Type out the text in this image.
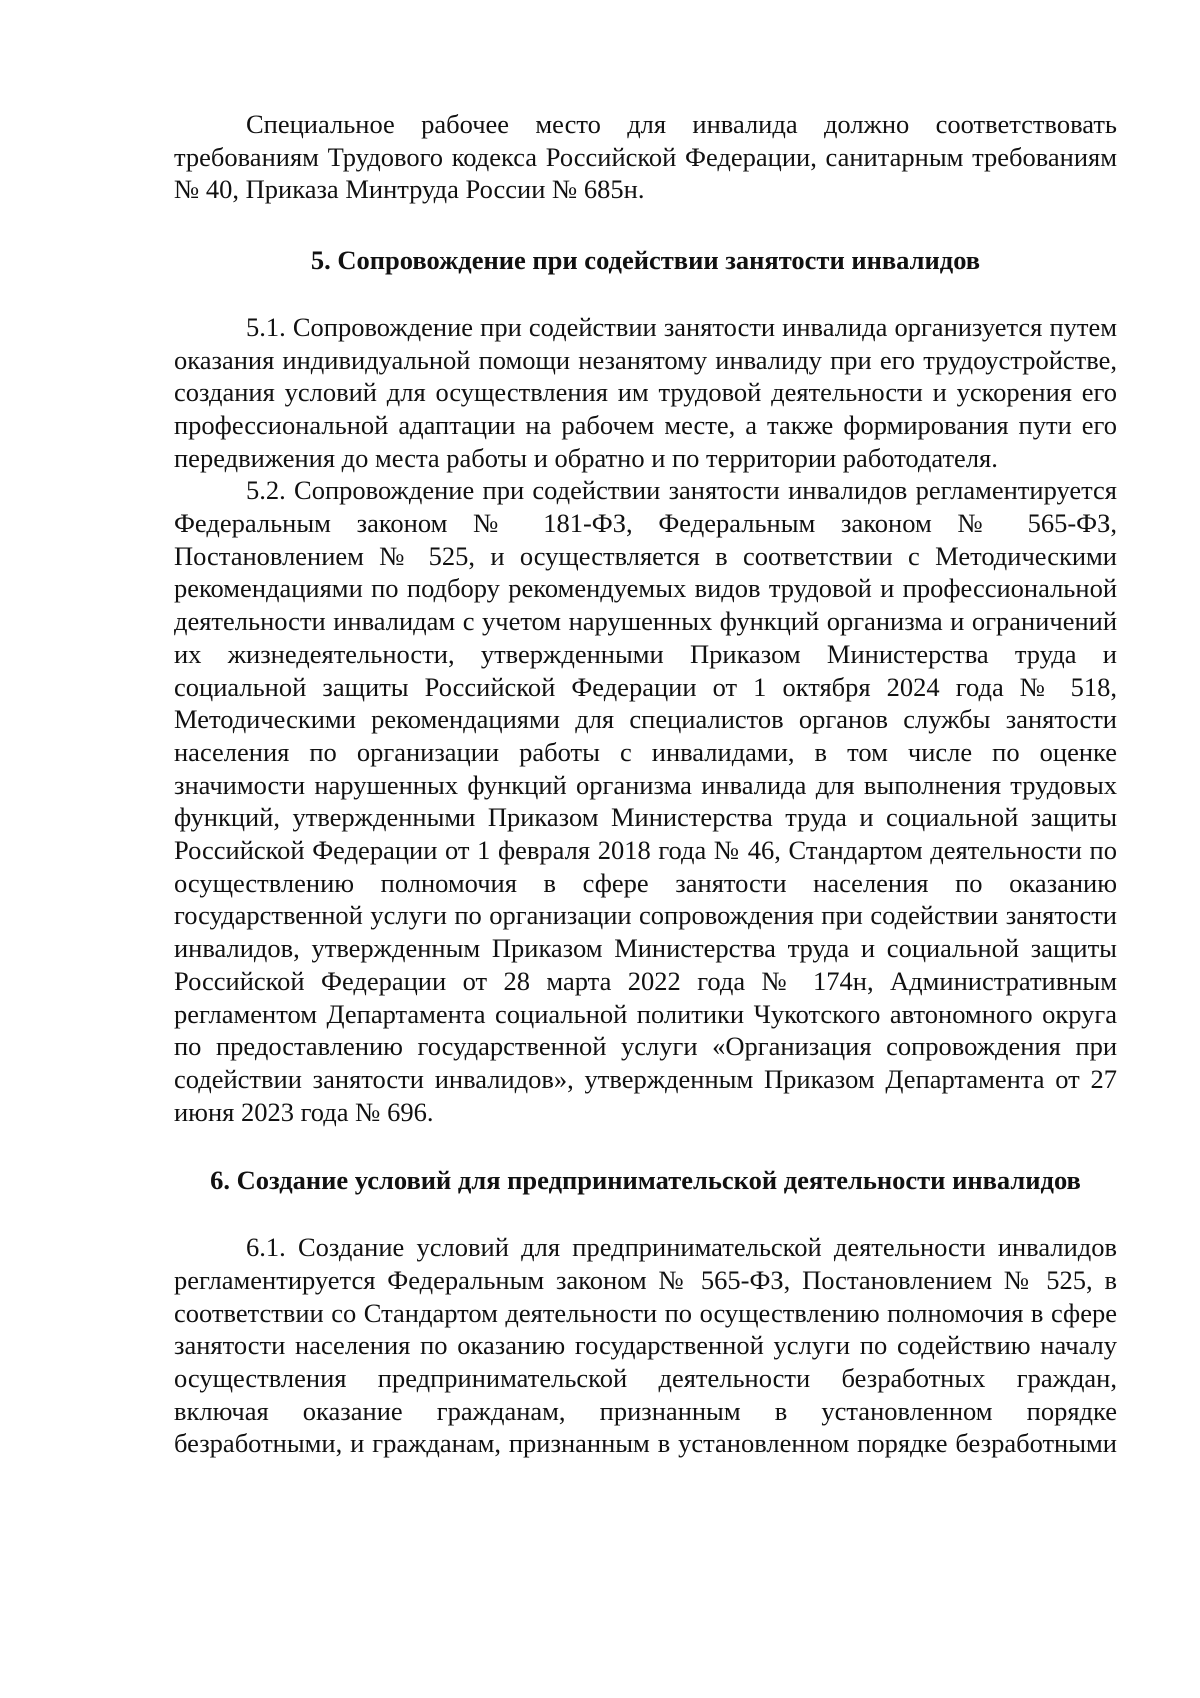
Специальное рабочее место для инвалида должно соответствовать требованиям Трудового кодекса Российской Федерации, санитарным требованиям № 40, Приказа Минтруда России № 685н.

5. Сопровождение при содействии занятости инвалидов

5.1. Сопровождение при содействии занятости инвалида организуется путем оказания индивидуальной помощи незанятому инвалиду при его трудоустройстве, создания условий для осуществления им трудовой деятельности и ускорения его профессиональной адаптации на рабочем месте, а также формирования пути его передвижения до места работы и обратно и по территории работодателя.

5.2. Сопровождение при содействии занятости инвалидов регламентируется Федеральным законом № 181-ФЗ, Федеральным законом № 565-ФЗ, Постановлением № 525, и осуществляется в соответствии с Методическими рекомендациями по подбору рекомендуемых видов трудовой и профессиональной деятельности инвалидам с учетом нарушенных функций организма и ограничений их жизнедеятельности, утвержденными Приказом Министерства труда и социальной защиты Российской Федерации от 1 октября 2024 года № 518, Методическими рекомендациями для специалистов органов службы занятости населения по организации работы с инвалидами, в том числе по оценке значимости нарушенных функций организма инвалида для выполнения трудовых функций, утвержденными Приказом Министерства труда и социальной защиты Российской Федерации от 1 февраля 2018 года № 46, Стандартом деятельности по осуществлению полномочия в сфере занятости населения по оказанию государственной услуги по организации сопровождения при содействии занятости инвалидов, утвержденным Приказом Министерства труда и социальной защиты Российской Федерации от 28 марта 2022 года № 174н, Административным регламентом Департамента социальной политики Чукотского автономного округа по предоставлению государственной услуги «Организация сопровождения при содействии занятости инвалидов», утвержденным Приказом Департамента от 27 июня 2023 года № 696.

6. Создание условий для предпринимательской деятельности инвалидов

6.1. Создание условий для предпринимательской деятельности инвалидов регламентируется Федеральным законом № 565-ФЗ, Постановлением № 525, в соответствии со Стандартом деятельности по осуществлению полномочия в сфере занятости населения по оказанию государственной услуги по содействию началу осуществления предпринимательской деятельности безработных граждан, включая оказание гражданам, признанным в установленном порядке безработными, и гражданам, признанным в установленном порядке безработными
